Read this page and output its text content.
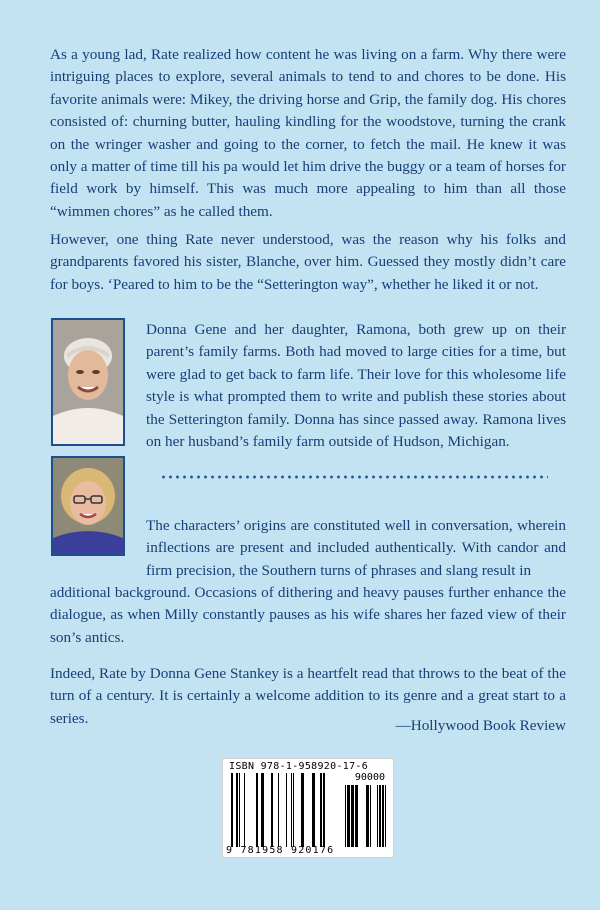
As a young lad, Rate realized how content he was living on a farm. Why there were intriguing places to explore, several animals to tend to and chores to be done. His favorite animals were: Mikey, the driving horse and Grip, the family dog. His chores consisted of: churning butter, hauling kindling for the woodstove, turning the crank on the wringer washer and going to the corner, to fetch the mail. He knew it was only a matter of time till his pa would let him drive the buggy or a team of horses for field work by himself. This was much more appealing to him than all those “wimmen chores” as he called them.

However, one thing Rate never understood, was the reason why his folks and grandparents favored his sister, Blanche, over him. Guessed they mostly didn’t care for boys. ‘Peared to him to be the “Setterington way”, whether he liked it or not.

Donna Gene and her daughter, Ramona, both grew up on their parent’s family farms. Both had moved to large cities for a time, but were glad to get back to farm life. Their love for this wholesome life style is what prompted them to write and publish these stories about the Setterington family. Donna has since passed away. Ramona lives on her husband’s family farm outside of Hudson, Michigan.

The characters’ origins are constituted well in conversation, wherein inflections are present and included authentically. With candor and firm precision, the Southern turns of phrases and slang result in

additional background. Occasions of dithering and heavy pauses further enhance the dialogue, as when Milly constantly pauses as his wife shares her fazed view of their son’s antics.

Indeed, Rate by Donna Gene Stankey is a heartfelt read that throws to the beat of the turn of a century. It is certainly a welcome addition to its genre and a great start to a series.	—Hollywood Book Review

ISBN 978-1-958920-17-6
90000
9 781958 920176
